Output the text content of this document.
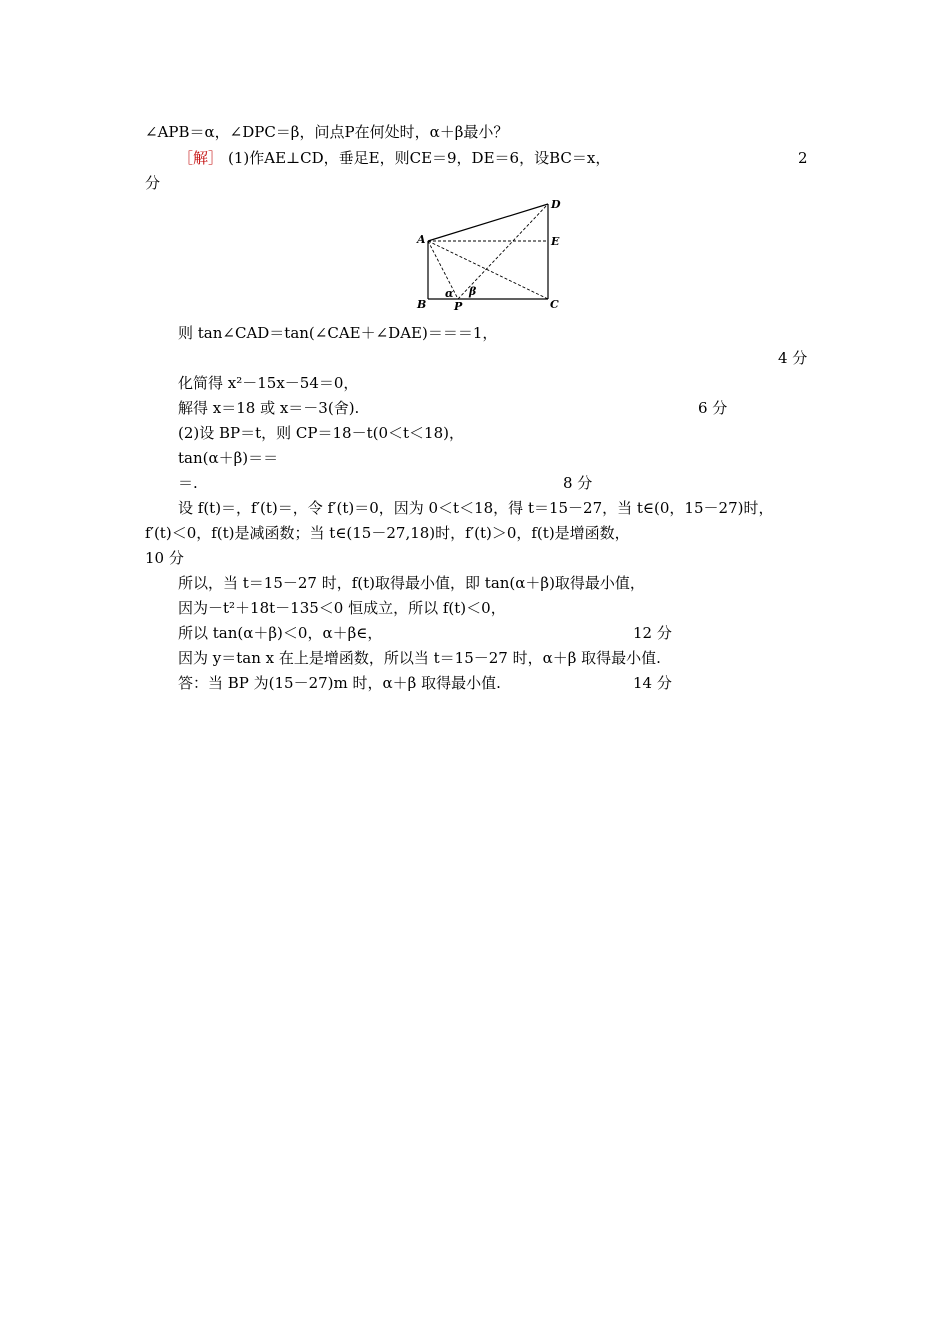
∠APB＝α，∠DPC＝β，问点P在何处时，α＋β最小？
［解］ (1)作AE⊥CD，垂足E，则CE＝9，DE＝6，设BC＝x，	2
分
A
B	C
D
E
P
α β
则 tan∠CAD＝tan(∠CAE＋∠DAE)＝＝＝1，
4 分
化简得 x²－15x－54＝0，
解得 x＝18 或 x＝－3(舍).	6 分
(2)设 BP＝t，则 CP＝18－t(0＜t＜18)，
tan(α＋β)＝＝
＝.	8 分
设 f(t)＝，f′(t)＝，令 f′(t)＝0，因为 0＜t＜18，得 t＝15－27，当 t∈(0，15－27)时，
f′(t)＜0，f(t)是减函数；当 t∈(15－27,18)时，f′(t)＞0，f(t)是增函数，
10 分
所以，当 t＝15－27 时，f(t)取得最小值，即 tan(α＋β)取得最小值，
因为－t²＋18t－135＜0 恒成立，所以 f(t)＜0，
所以 tan(α＋β)＜0，α＋β∈，	12 分
因为 y＝tan x 在上是增函数，所以当 t＝15－27 时，α＋β 取得最小值.
答：当 BP 为(15－27)m 时，α＋β 取得最小值.	14 分
